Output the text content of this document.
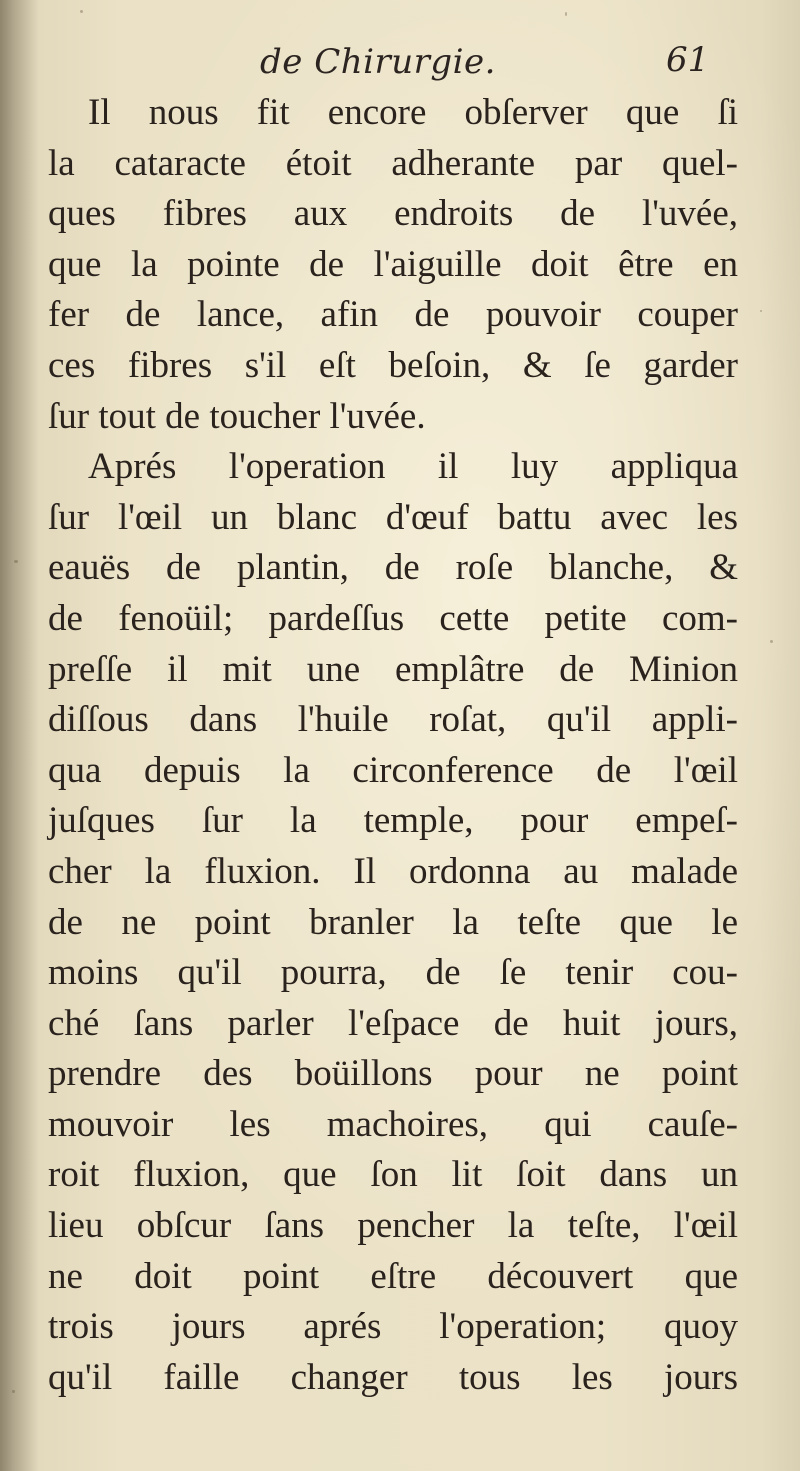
de Chirurgie.	61
Il nous fit encore obſerver que ſi
la cataracte étoit adherante par quel-
ques fibres aux endroits de l'uvée,
que la pointe de l'aiguille doit être en
fer de lance, afin de pouvoir couper
ces fibres s'il eſt beſoin, & ſe garder
ſur tout de toucher l'uvée.
Aprés l'operation il luy appliqua
ſur l'œil un blanc d'œuf battu avec les
eauës de plantin, de roſe blanche, &
de fenoüil; pardeſſus cette petite com-
preſſe il mit une emplâtre de Minion
diſſous dans l'huile roſat, qu'il appli-
qua depuis la circonference de l'œil
juſques ſur la temple, pour empeſ-
cher la fluxion. Il ordonna au malade
de ne point branler la teſte que le
moins qu'il pourra, de ſe tenir cou-
ché ſans parler l'eſpace de huit jours,
prendre des boüillons pour ne point
mouvoir les machoires, qui cauſe-
roit fluxion, que ſon lit ſoit dans un
lieu obſcur ſans pencher la teſte, l'œil
ne doit point eſtre découvert que
trois jours aprés l'operation; quoy
qu'il faille changer tous les jours
